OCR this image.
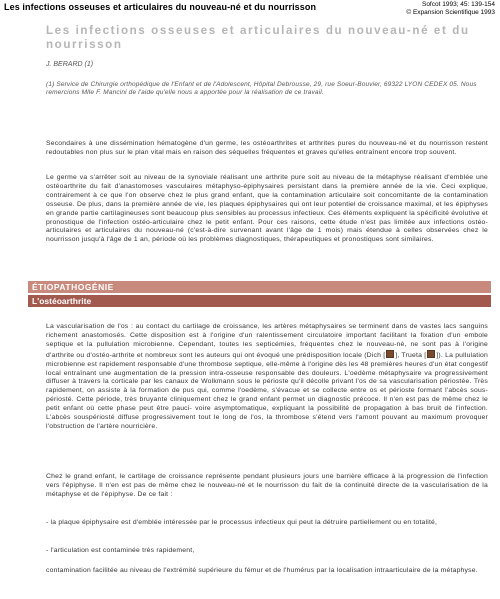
Les infections osseuses et articulaires du nouveau-né et du nourrisson	Sofcot 1993; 45: 139-154
© Expansion Scientifique 1993
Les infections osseuses et articulaires du nouveau-né et du nourrisson
J. BERARD (1)
(1) Service de Chirurgie orthopédique de l'Enfant et de l'Adolescent, Hôpital Debrousse, 29, rue Soeur-Bouvier, 69322 LYON CEDEX 05. Nous remercions Mlle F. Mancini de l'aide qu'elle nous a apportée pour la réalisation de ce travail.
Secondaires à une dissémination hématogène d'un germe, les ostéoarthrites et arthrites pures du nouveau-né et du nourrisson restent redoutables non plus sur le plan vital mais en raison des séquelles fréquentes et graves qu'elles entraînent encore trop souvent.
Le germe va s'arrêter soit au niveau de la synoviale réalisant une arthrite pure soit au niveau de la métaphyse réalisant d'emblée une ostéoarthrite du fait d'anastomoses vasculaires métaphyso-épiphysaires persistant dans la première année de la vie. Ceci explique, contrairement à ce que l'on observe chez le plus grand enfant, que la contamination articulaire soit concomitante de la contamination osseuse. De plus, dans la première année de vie, les plaques épiphysaires qui ont leur potentiel de croissance maximal, et les épiphyses en grande partie cartilagineuses sont beaucoup plus sensibles au processus infectieux. Ces éléments expliquent la spécificité évolutive et pronostique de l'infection ostéo-articulaire chez le petit enfant. Pour ces raisons, cette étude n'est pas limitée aux infections ostéo-articulaires et articulaires du nouveau-né (c'est-à-dire survenant avant l'âge de 1 mois) mais étendue à celles observées chez le nourrisson jusqu'à l'âge de 1 an, période où les problèmes diagnostiques, thérapeutiques et pronostiques sont similaires.
ÉTIOPATHOGÉNIE
L'ostéoarthrite
La vascularisation de l'os : au contact du cartilage de croissance, les artères métaphysaires se terminent dans de vastes lacs sanguins richement anastomosés. Cette disposition est à l'origine d'un ralentissement circulatoire important facilitant la fixation d'un embole septique et la pullulation microbienne. Cependant, toutes les septicémies, fréquentes chez le nouveau-né, ne sont pas à l'origine d'arthrite ou d'ostéo-arthrite et nombreux sont les auteurs qui ont évoqué une prédisposition locale (Dich [ ], Trueta [ ]). La pullulation microbienne est rapidement responsable d'une thrombose septique, elle-même à l'origine dès les 48 premières heures d'un état congestif local entraînant une augmentation de la pression intra-osseuse responsable des douleurs. L'oedème métaphysaire va progressivement diffuser à travers la corticale par les canaux de Wolkmann sous le périoste qu'il décolle privant l'os de sa vascularisation périostée. Très rapidement, on assiste à la formation de pus qui, comme l'oedème, s'évacue et se collecte entre os et périoste formant l'abcès sous-périosté. Cette période, très bruyante cliniquement chez le grand enfant permet un diagnostic précoce. Il n'en est pas de même chez le petit enfant où cette phase peut être pauci- voire asymptomatique, expliquant la possibilité de propagation à bas bruit de l'infection. L'abcès souspériosté diffuse progressivement tout le long de l'os, la thrombose s'étend vers l'amont pouvant au maximum provoquer l'obstruction de l'artère nourricière.
Chez le grand enfant, le cartilage de croissance représente pendant plusieurs jours une barrière efficace à la progression de l'infection vers l'épiphyse. Il n'en est pas de même chez le nouveau-né et le nourrisson du fait de la continuité directe de la vascularisation de la métaphyse et de l'épiphyse. De ce fait :
- la plaque épiphysaire est d'emblée intéressée par le processus infectieux qui peut la détruire partiellement ou en totalité,
- l'articulation est contaminée très rapidement,
contamination facilitée au niveau de l'extrémité supérieure du fémur et de l'humérus par la localisation intraarticulaire de la métaphyse.
